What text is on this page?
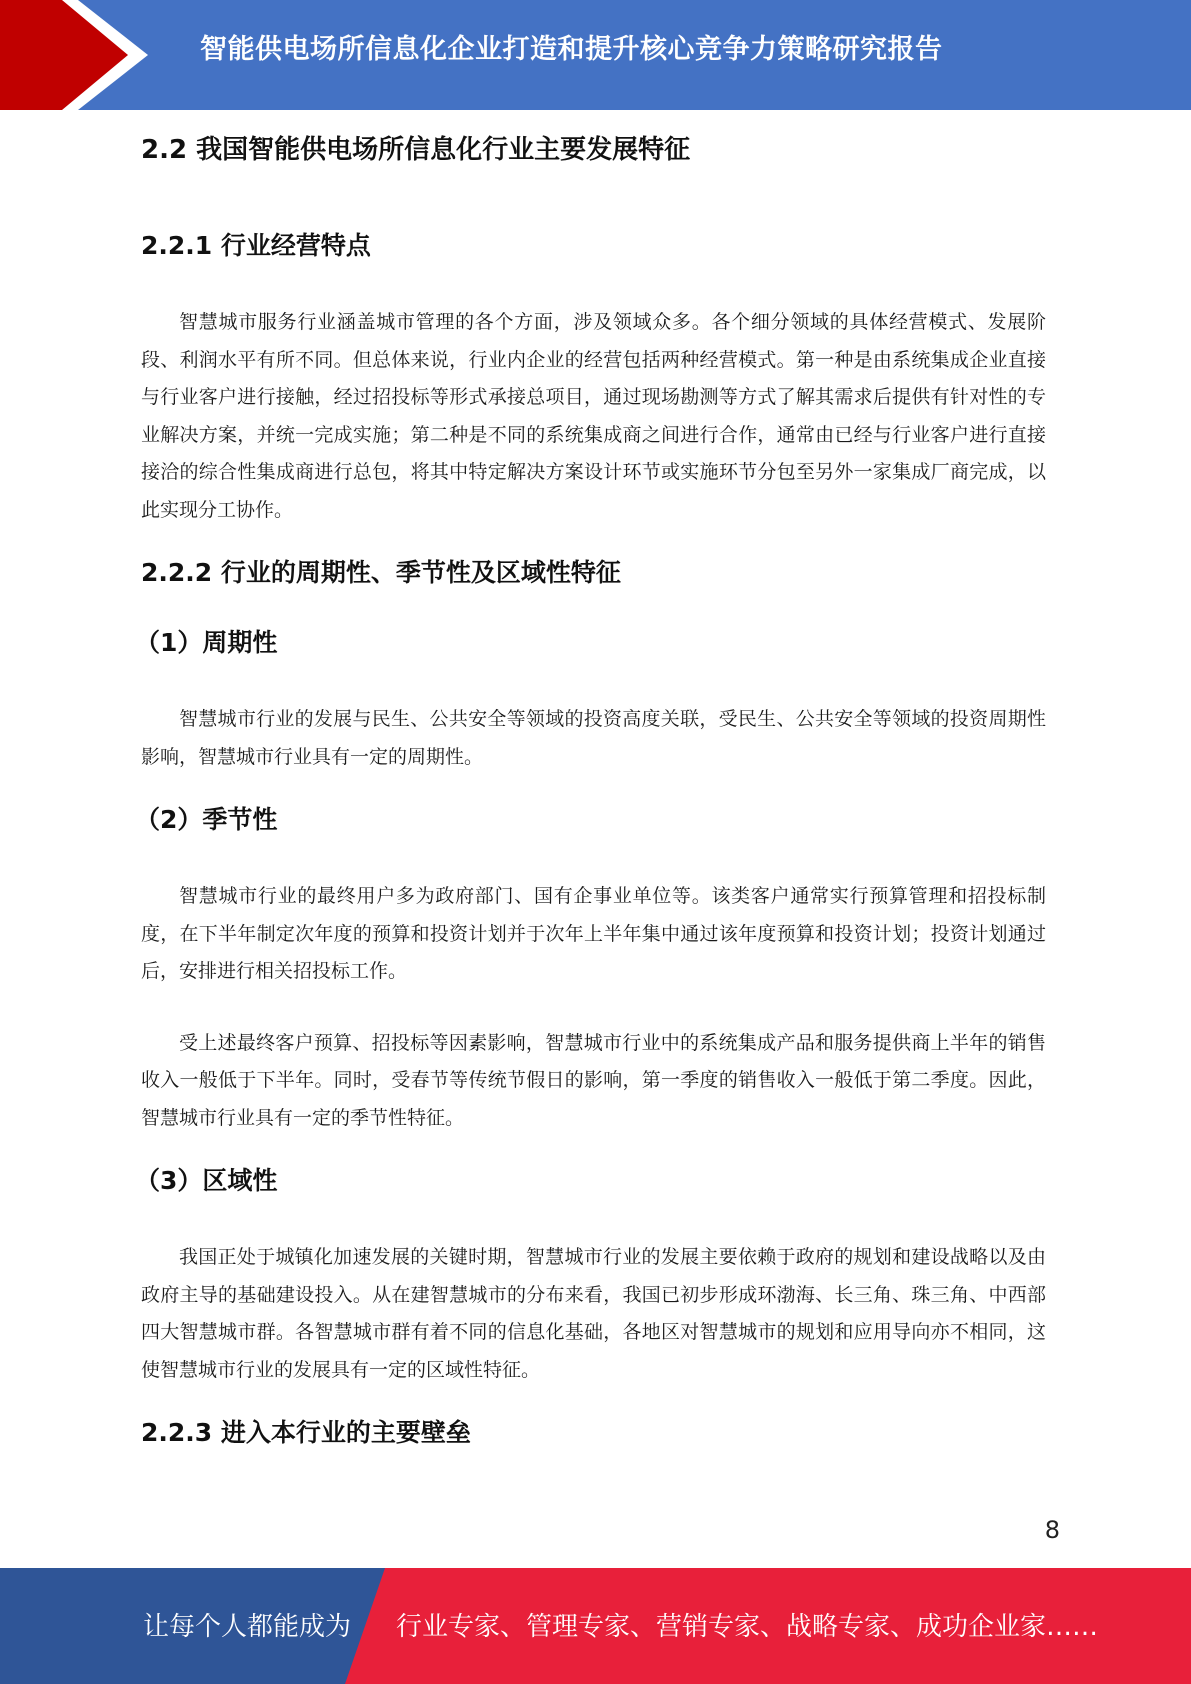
智能供电场所信息化企业打造和提升核心竞争力策略研究报告
2.2 我国智能供电场所信息化行业主要发展特征
2.2.1 行业经营特点

智慧城市服务行业涵盖城市管理的各个方面，涉及领域众多。各个细分领域的具体经营模式、发展阶段、利润水平有所不同。但总体来说，行业内企业的经营包括两种经营模式。第一种是由系统集成企业直接与行业客户进行接触，经过招投标等形式承接总项目，通过现场勘测等方式了解其需求后提供有针对性的专业解决方案，并统一完成实施；第二种是不同的系统集成商之间进行合作，通常由已经与行业客户进行直接接洽的综合性集成商进行总包，将其中特定解决方案设计环节或实施环节分包至另外一家集成厂商完成，以此实现分工协作。

2.2.2 行业的周期性、季节性及区域性特征
（1）周期性

智慧城市行业的发展与民生、公共安全等领域的投资高度关联，受民生、公共安全等领域的投资周期性影响，智慧城市行业具有一定的周期性。

（2）季节性

智慧城市行业的最终用户多为政府部门、国有企事业单位等。该类客户通常实行预算管理和招投标制度，在下半年制定次年度的预算和投资计划并于次年上半年集中通过该年度预算和投资计划；投资计划通过后，安排进行相关招投标工作。

受上述最终客户预算、招投标等因素影响，智慧城市行业中的系统集成产品和服务提供商上半年的销售收入一般低于下半年。同时，受春节等传统节假日的影响，第一季度的销售收入一般低于第二季度。因此，智慧城市行业具有一定的季节性特征。

（3）区域性

我国正处于城镇化加速发展的关键时期，智慧城市行业的发展主要依赖于政府的规划和建设战略以及由政府主导的基础建设投入。从在建智慧城市的分布来看，我国已初步形成环渤海、长三角、珠三角、中西部四大智慧城市群。各智慧城市群有着不同的信息化基础，各地区对智慧城市的规划和应用导向亦不相同，这使智慧城市行业的发展具有一定的区域性特征。

2.2.3 进入本行业的主要壁垒
8
让每个人都能成为 行业专家、管理专家、营销专家、战略专家、成功企业家……
